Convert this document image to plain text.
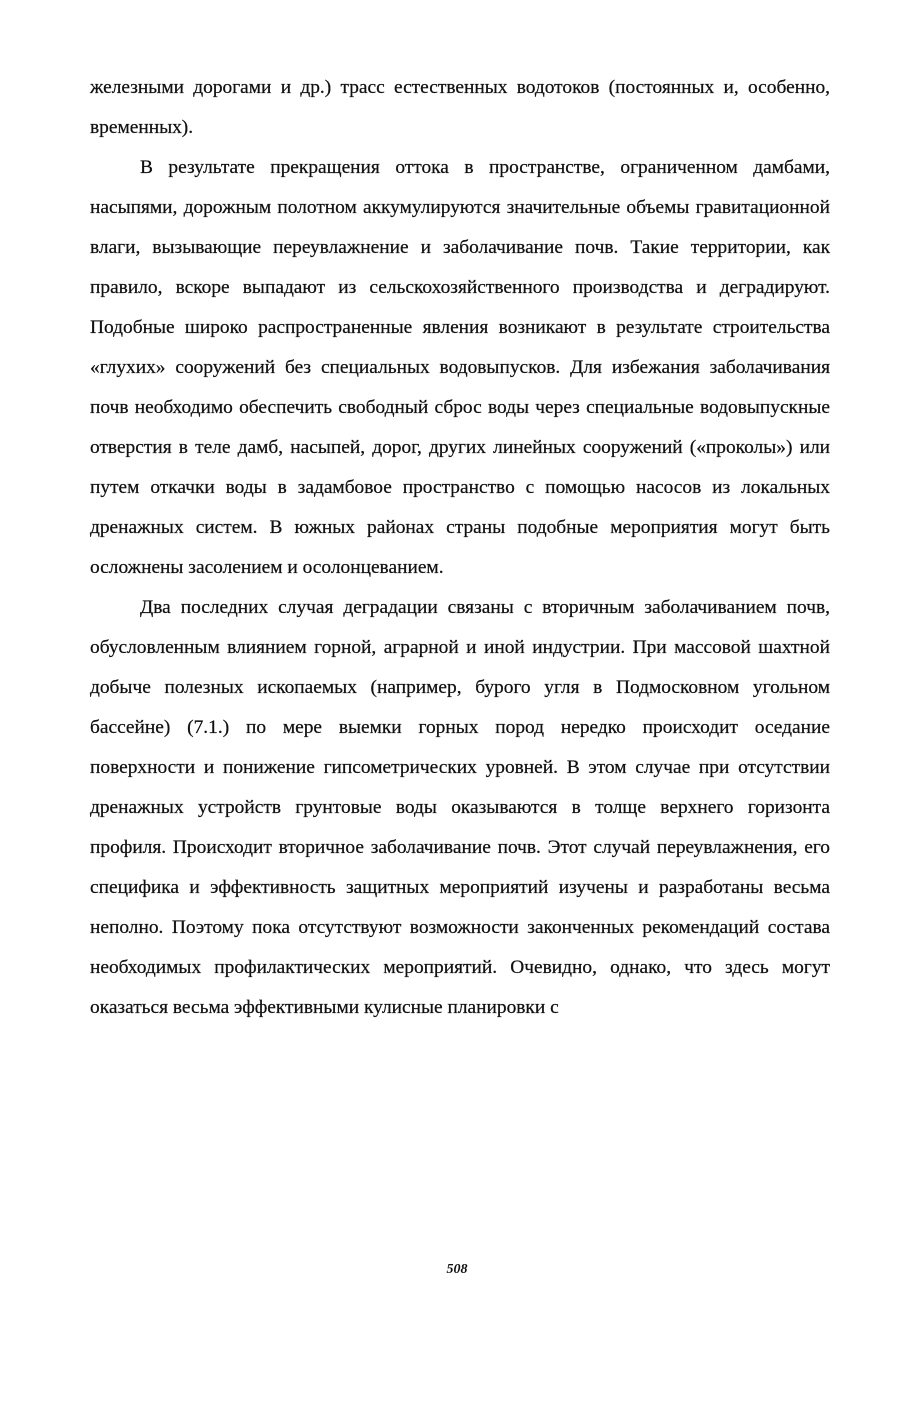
железными дорогами и др.) трасс естественных водотоков (постоянных и, особенно, временных).

В результате прекращения оттока в пространстве, ограниченном дамбами, насыпями, дорожным полотном аккумулируются значительные объемы гравитационной влаги, вызывающие переувлажнение и заболачивание почв. Такие территории, как правило, вскоре выпадают из сельскохозяйственного производства и деградируют. Подобные широко распространенные явления возникают в результате строительства «глухих» сооружений без специальных водовыпусков. Для избежания заболачивания почв необходимо обеспечить свободный сброс воды через специальные водовыпускные отверстия в теле дамб, насыпей, дорог, других линейных сооружений («проколы») или путем откачки воды в задамбовое пространство с помощью насосов из локальных дренажных систем. В южных районах страны подобные мероприятия могут быть осложнены засолением и осолонцеванием.

Два последних случая деградации связаны с вторичным заболачиванием почв, обусловленным влиянием горной, аграрной и иной индустрии. При массовой шахтной добыче полезных ископаемых (например, бурого угля в Подмосковном угольном бассейне) (7.1.) по мере выемки горных пород нередко происходит оседание поверхности и понижение гипсометрических уровней. В этом случае при отсутствии дренажных устройств грунтовые воды оказываются в толще верхнего горизонта профиля. Происходит вторичное заболачивание почв. Этот случай переувлажнения, его специфика и эффективность защитных мероприятий изучены и разработаны весьма неполно. Поэтому пока отсутствуют возможности законченных рекомендаций состава необходимых профилактических мероприятий. Очевидно, однако, что здесь могут оказаться весьма эффективными кулисные планировки с

508
